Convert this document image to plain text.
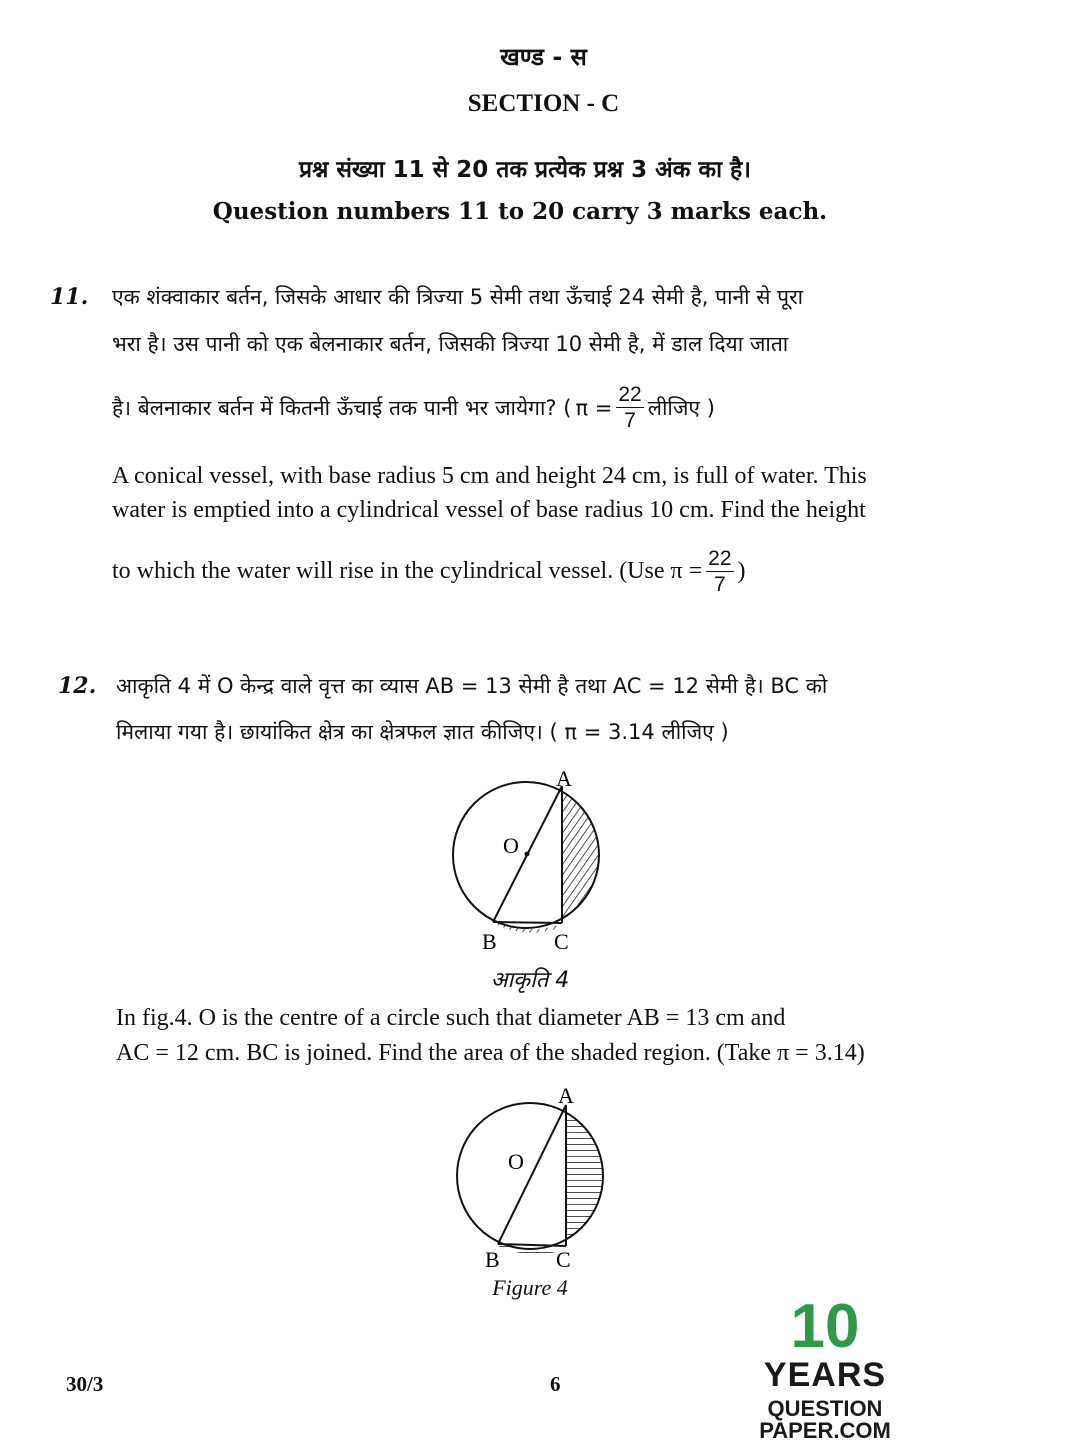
खण्ड - स
SECTION - C
प्रश्न संख्या 11 से 20 तक प्रत्येक प्रश्न 3 अंक का है।
Question numbers 11 to 20 carry 3 marks each.
11. एक शंक्वाकार बर्तन, जिसके आधार की त्रिज्या 5 सेमी तथा ऊँचाई 24 सेमी है, पानी से पूरा
भरा है। उस पानी को एक बेलनाकार बर्तन, जिसकी त्रिज्या 10 सेमी है, में डाल दिया जाता
है। बेलनाकार बर्तन में कितनी ऊँचाई तक पानी भर जायेगा? ( $\pi = \frac{22}{7}$ लीजिए )
A conical vessel, with base radius 5 cm and height 24 cm, is full of water. This
water is emptied into a cylindrical vessel of base radius 10 cm. Find the height
to which the water will rise in the cylindrical vessel. (Use $\pi = \frac{22}{7}$ )
12. आकृति 4 में O केन्द्र वाले वृत्त का व्यास AB = 13 सेमी है तथा AC = 12 सेमी है। BC को
मिलाया गया है। छायांकित क्षेत्र का क्षेत्रफल ज्ञात कीजिए। ( π = 3.14 लीजिए )
A
O
B	C
आकृति 4
In fig.4. O is the centre of a circle such that diameter AB = 13 cm and
AC = 12 cm. BC is joined. Find the area of the shaded region. (Take π = 3.14)
A
O
B	C
Figure 4
30/3	6
10
YEARS
QUESTION PAPER.COM
